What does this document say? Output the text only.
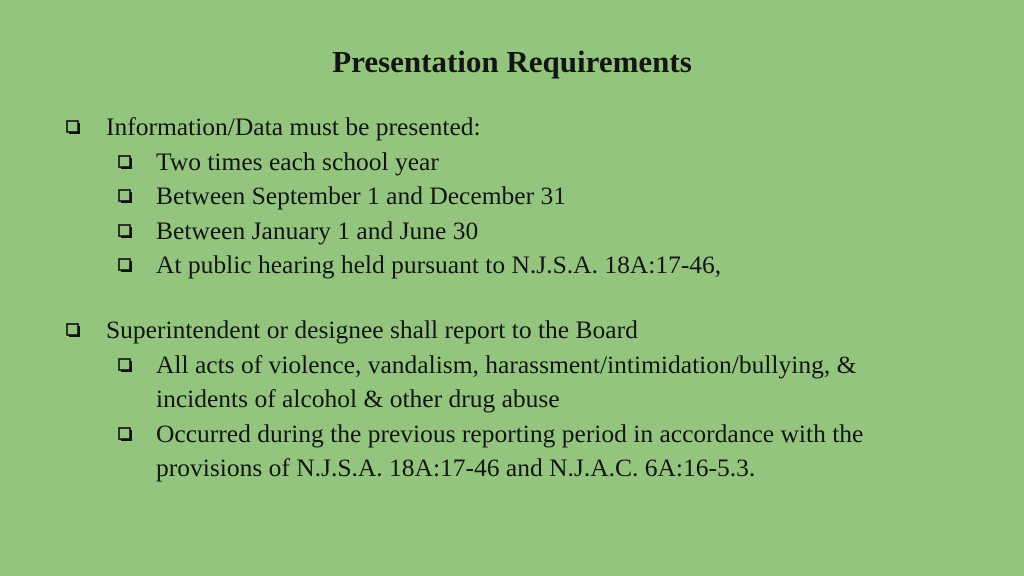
Presentation Requirements
Information/Data must be presented:
Two times each school year
Between September 1 and December 31
Between January 1 and June 30
At public hearing held pursuant to N.J.S.A. 18A:17-46,
Superintendent or designee shall report to the Board
All acts of violence, vandalism, harassment/intimidation/bullying, &
incidents of alcohol & other drug abuse
Occurred during the previous reporting period in accordance with the
provisions of N.J.S.A. 18A:17-46 and N.J.A.C. 6A:16-5.3.
